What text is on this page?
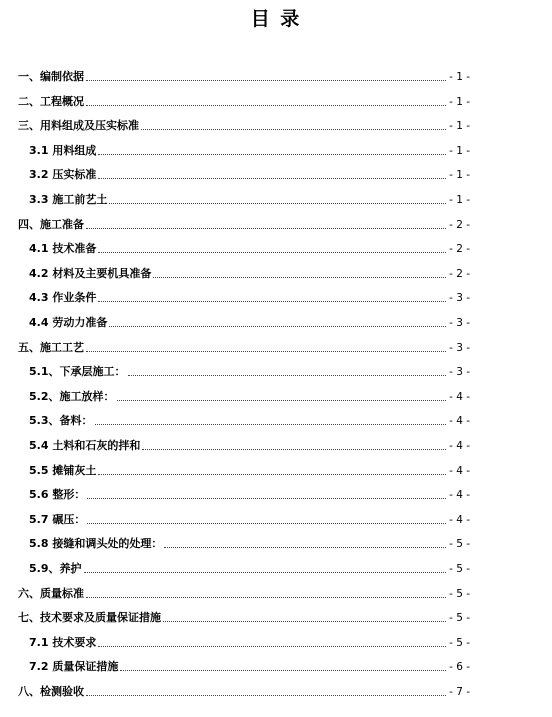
目 录
一、编制依据	- 1 -
二、工程概况	- 1 -
三、用料组成及压实标准	- 1 -
3.1 用料组成	- 1 -
3.2 压实标准	- 1 -
3.3 施工前艺土	- 1 -
四、施工准备	- 2 -
4.1 技术准备	- 2 -
4.2 材料及主要机具准备	- 2 -
4.3 作业条件	- 3 -
4.4 劳动力准备	- 3 -
五、施工工艺	- 3 -
5.1、下承层施工：	- 3 -
5.2、施工放样：	- 4 -
5.3、备料：	- 4 -
5.4 土料和石灰的拌和	- 4 -
5.5 摊铺灰土	- 4 -
5.6 整形：	- 4 -
5.7 碾压：	- 4 -
5.8 接缝和调头处的处理：	- 5 -
5.9、养护	- 5 -
六、质量标准	- 5 -
七、技术要求及质量保证措施	- 5 -
7.1 技术要求	- 5 -
7.2 质量保证措施	- 6 -
八、检测验收	- 7 -
